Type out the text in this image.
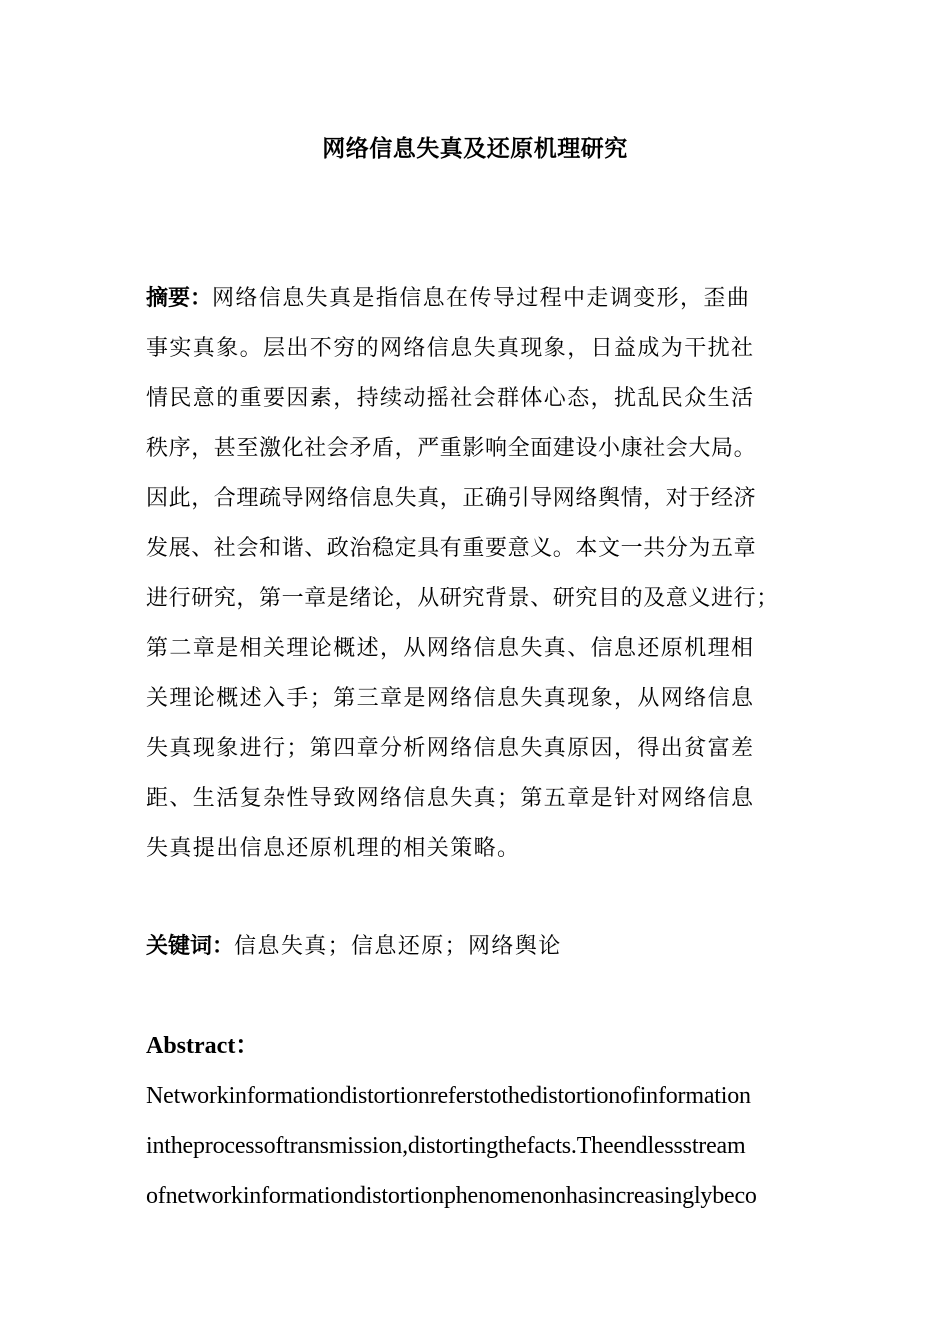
网络信息失真及还原机理研究
摘要：网络信息失真是指信息在传导过程中走调变形，歪曲
事实真象。层出不穷的网络信息失真现象，日益成为干扰社
情民意的重要因素，持续动摇社会群体心态，扰乱民众生活
秩序，甚至激化社会矛盾，严重影响全面建设小康社会大局。
因此，合理疏导网络信息失真，正确引导网络舆情，对于经济
发展、社会和谐、政治稳定具有重要意义。本文一共分为五章
进行研究，第一章是绪论，从研究背景、研究目的及意义进行；
第二章是相关理论概述，从网络信息失真、信息还原机理相
关理论概述入手；第三章是网络信息失真现象，从网络信息
失真现象进行；第四章分析网络信息失真原因，得出贫富差
距、生活复杂性导致网络信息失真；第五章是针对网络信息
失真提出信息还原机理的相关策略。
关键词：信息失真；信息还原；网络舆论
Abstract：
Networkinformationdistortionreferstothedistortionofinformation
intheprocessoftransmission,distortingthefacts.Theendlessstream
ofnetworkinformationdistortionphenomenonhasincreasinglybeco
